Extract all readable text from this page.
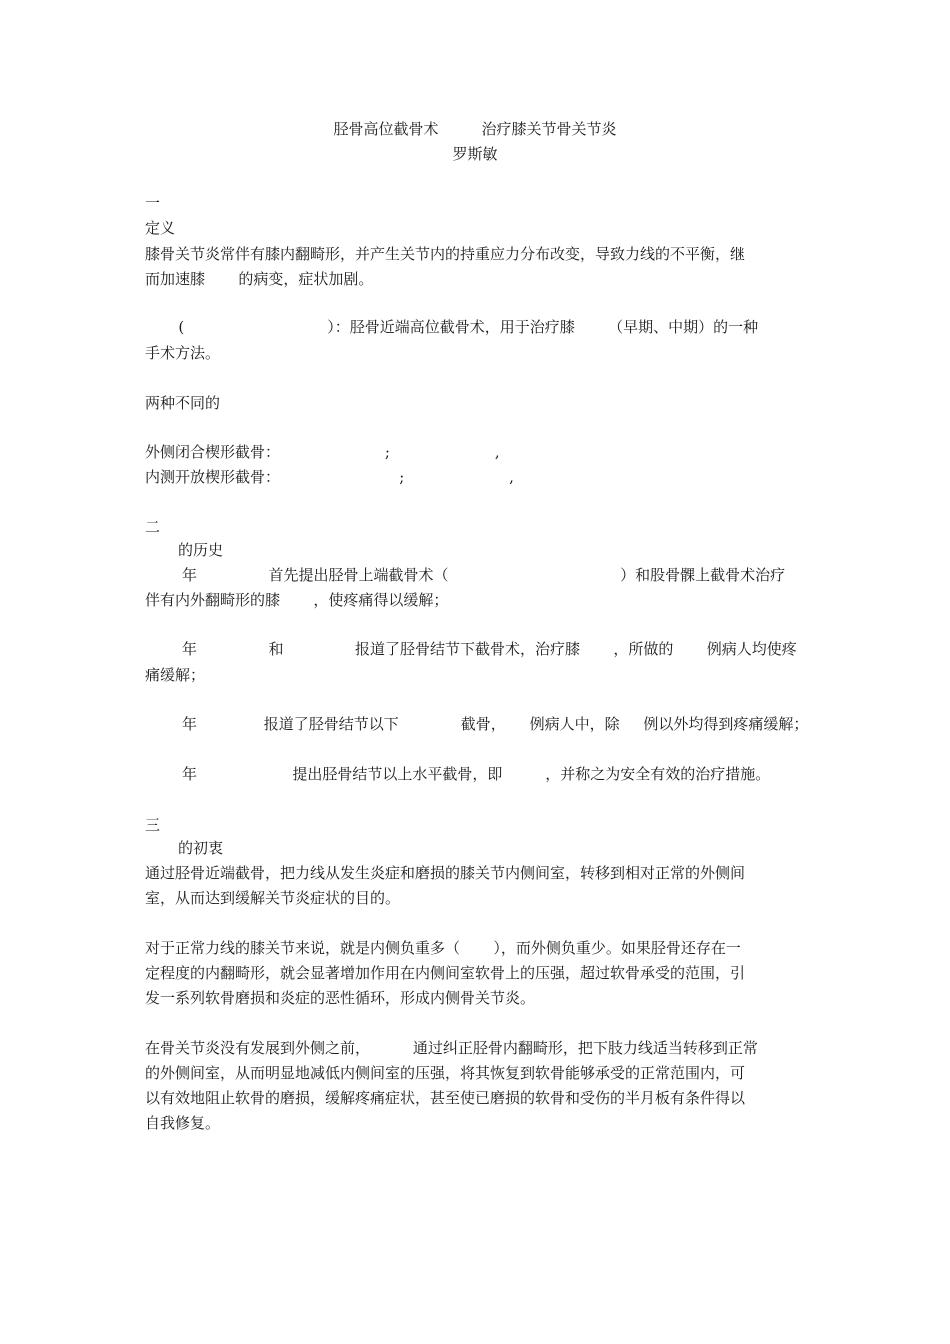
胫骨高位截骨术         治疗膝关节骨关节炎
罗斯敏
一
定义
膝骨关节炎常伴有膝内翻畸形，并产生关节内的持重应力分布改变，导致力线的不平衡，继
而加速膝       的病变，症状加剧。
(                              ）：胫骨近端高位截骨术，用于治疗膝       （早期、中期）的一种
手术方法。
两种不同的
外侧闭合楔形截骨：                      ;                      ,
内测开放楔形截骨：                         ;                      ,
二
的历史
年               首先提出胫骨上端截骨术（                                    ）和股骨髁上截骨术治疗
伴有内外翻畸形的膝       ，使疼痛得以缓解；
年               和               报道了胫骨结节下截骨术，治疗膝       ，所做的       例病人均使疼
痛缓解；
年              报道了胫骨结节以下             截骨，     例病人中，除     例以外均得到疼痛缓解；
年                    提出胫骨结节以上水平截骨，即         ，并称之为安全有效的治疗措施。
三
的初衷
通过胫骨近端截骨，把力线从发生炎症和磨损的膝关节内侧间室，转移到相对正常的外侧间
室，从而达到缓解关节炎症状的目的。
对于正常力线的膝关节来说，就是内侧负重多（       ），而外侧负重少。如果胫骨还存在一
定程度的内翻畸形，就会显著增加作用在内侧间室软骨上的压强，超过软骨承受的范围，引
发一系列软骨磨损和炎症的恶性循环，形成内侧骨关节炎。
在骨关节炎没有发展到外侧之前，         通过纠正胫骨内翻畸形，把下肢力线适当转移到正常
的外侧间室，从而明显地减低内侧间室的压强，将其恢复到软骨能够承受的正常范围内，可
以有效地阻止软骨的磨损，缓解疼痛症状，甚至使已磨损的软骨和受伤的半月板有条件得以
自我修复。
